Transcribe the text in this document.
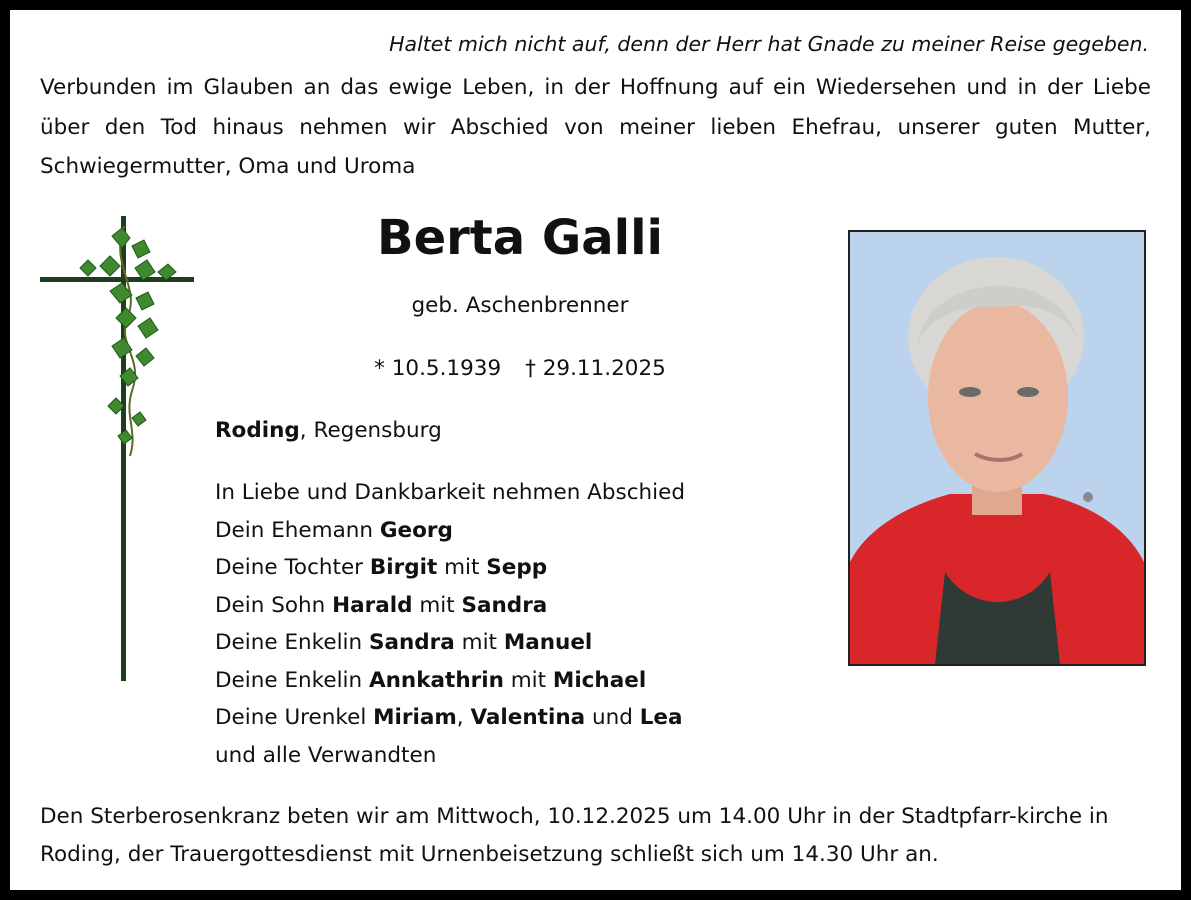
Haltet mich nicht auf, denn der Herr hat Gnade zu meiner Reise gegeben.
Verbunden im Glauben an das ewige Leben, in der Hoffnung auf ein Wiedersehen und in der Liebe über den Tod hinaus nehmen wir Abschied von meiner lieben Ehefrau, unserer guten Mutter, Schwiegermutter, Oma und Uroma
Berta Galli
geb. Aschenbrenner
* 10.5.1939 † 29.11.2025
Roding, Regensburg
In Liebe und Dankbarkeit nehmen Abschied
Dein Ehemann Georg
Deine Tochter Birgit mit Sepp
Dein Sohn Harald mit Sandra
Deine Enkelin Sandra mit Manuel
Deine Enkelin Annkathrin mit Michael
Deine Urenkel Miriam, Valentina und Lea
und alle Verwandten
Den Sterberosenkranz beten wir am Mittwoch, 10.12.2025 um 14.00 Uhr in der Stadtpfarr-kirche in Roding, der Trauergottesdienst mit Urnenbeisetzung schließt sich um 14.30 Uhr an.
